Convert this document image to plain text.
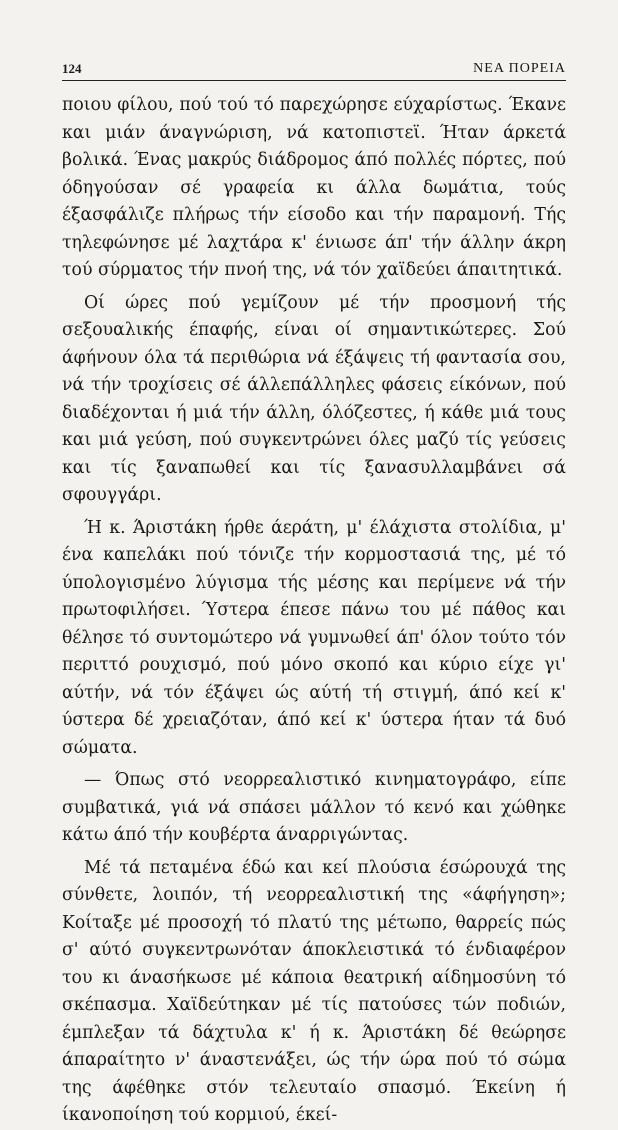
124	ΝΕΑ ΠΟΡΕΙΑ

ποιου φίλου, πού τού τό παρεχώρησε εύχαρίστως. Έκανε και μιάν άναγνώριση, νά κατοπιστεϊ. Ήταν άρκετά βολικά. Ένας μακρύς διάδρομος άπό πολλές πόρτες, πού όδηγούσαν σέ γραφεία κι άλλα δωμάτια, τούς έξασφάλιζε πλήρως τήν είσοδο και τήν παραμονή. Τής τηλεφώνησε μέ λαχτάρα κ' ένιωσε άπ' τήν άλλην άκρη τού σύρματος τήν πνοή της, νά τόν χαϊδεύει άπαιτητικά.

Οί ώρες πού γεμίζουν μέ τήν προσμονή τής σεξουαλικής έπαφής, είναι οί σημαντικώτερες. Σού άφήνουν όλα τά περιθώρια νά έξάψεις τή φαντασία σου, νά τήν τροχίσεις σέ άλλεπάλληλες φάσεις είκόνων, πού διαδέχονται ή μιά τήν άλλη, όλόζεστες, ή κάθε μιά τους και μιά γεύση, πού συγκεντρώνει όλες μαζύ τίς γεύσεις και τίς ξαναπωθεί και τίς ξανασυλλαμβάνει σά σφουγγάρι.

Ή κ. Άριστάκη ήρθε άεράτη, μ' έλάχιστα στολίδια, μ' ένα καπελάκι πού τόνιζε τήν κορμοστασιά της, μέ τό ύπολογισμένο λύγισμα τής μέσης και περίμενε νά τήν πρωτοφιλήσει. Ύστερα έπεσε πάνω του μέ πάθος και θέλησε τό συντομώτερο νά γυμνωθεί άπ' όλον τούτο τόν περιττό ρουχισμό, πού μόνο σκοπό και κύριο είχε γι' αύτήν, νά τόν έξάψει ώς αύτή τή στιγμή, άπό κεί κ' ύστερα δέ χρειαζόταν, άπό κεί κ' ύστερα ήταν τά δυό σώματα.

— Όπως στό νεορρεαλιστικό κινηματογράφο, είπε συμβατικά, γιά νά σπάσει μάλλον τό κενό και χώθηκε κάτω άπό τήν κουβέρτα άναρριγώντας.

Μέ τά πεταμένα έδώ και κεί πλούσια έσώρουχά της σύνθετε, λοιπόν, τή νεορρεαλιστική της «άφήγηση»; Κοίταξε μέ προσοχή τό πλατύ της μέτωπο, θαρρείς πώς σ' αύτό συγκεντρωνόταν άποκλειστικά τό ένδιαφέρον του κι άνασήκωσε μέ κάποια θεατρική αίδημοσύνη τό σκέπασμα. Χαϊδεύτηκαν μέ τίς πατούσες τών ποδιών, έμπλεξαν τά δάχτυλα κ' ή κ. Άριστάκη δέ θεώρησε άπαραίτητο ν' άναστενάξει, ώς τήν ώρα πού τό σώμα της άφέθηκε στόν τελευταίο σπασμό. Έκείνη ή ίκανοποίηση τού κορμιού, έκεί-
